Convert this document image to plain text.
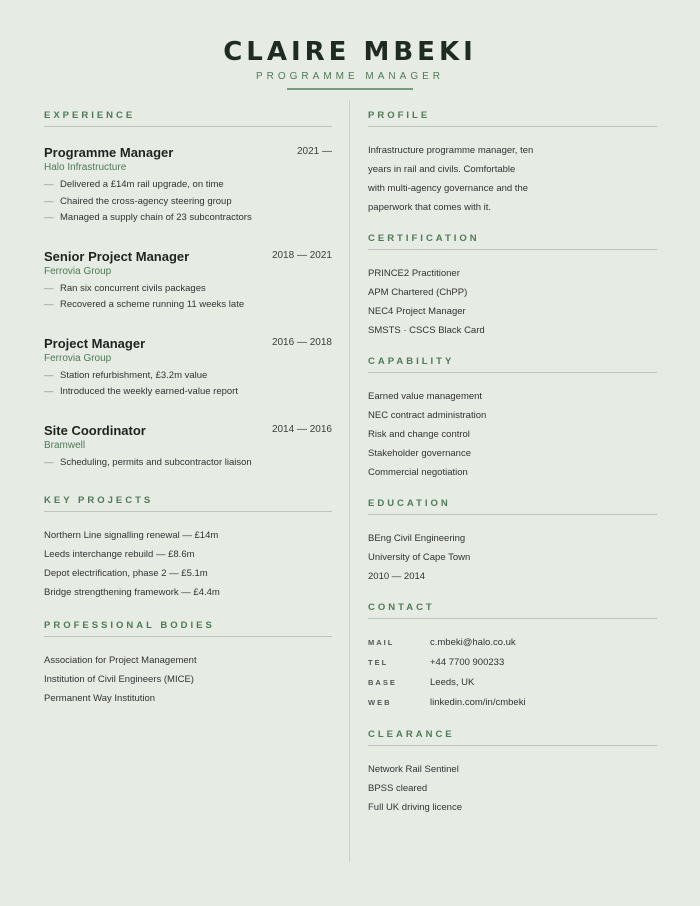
CLAIRE MBEKI
PROGRAMME MANAGER
EXPERIENCE
Programme Manager	2021 —
Halo Infrastructure
— Delivered a £14m rail upgrade, on time
— Chaired the cross-agency steering group
— Managed a supply chain of 23 subcontractors
Senior Project Manager	2018 — 2021
Ferrovia Group
— Ran six concurrent civils packages
— Recovered a scheme running 11 weeks late
Project Manager	2016 — 2018
Ferrovia Group
— Station refurbishment, £3.2m value
— Introduced the weekly earned-value report
Site Coordinator	2014 — 2016
Bramwell
— Scheduling, permits and subcontractor liaison
KEY PROJECTS
Northern Line signalling renewal — £14m
Leeds interchange rebuild — £8.6m
Depot electrification, phase 2 — £5.1m
Bridge strengthening framework — £4.4m
PROFESSIONAL BODIES
Association for Project Management
Institution of Civil Engineers (MICE)
Permanent Way Institution
PROFILE
Infrastructure programme manager, ten
years in rail and civils. Comfortable
with multi-agency governance and the
paperwork that comes with it.
CERTIFICATION
PRINCE2 Practitioner
APM Chartered (ChPP)
NEC4 Project Manager
SMSTS · CSCS Black Card
CAPABILITY
Earned value management
NEC contract administration
Risk and change control
Stakeholder governance
Commercial negotiation
EDUCATION
BEng Civil Engineering
University of Cape Town
2010 — 2014
CONTACT
MAIL	c.mbeki@halo.co.uk
TEL	+44 7700 900233
BASE	Leeds, UK
WEB	linkedin.com/in/cmbeki
CLEARANCE
Network Rail Sentinel
BPSS cleared
Full UK driving licence
